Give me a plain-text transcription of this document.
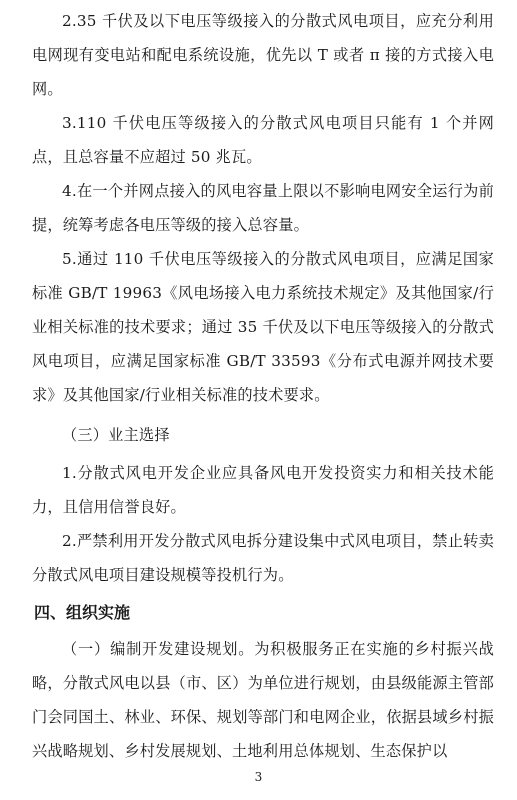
2.35 千伏及以下电压等级接入的分散式风电项目，应充分利用电网现有变电站和配电系统设施，优先以 T 或者 π 接的方式接入电网。
3.110 千伏电压等级接入的分散式风电项目只能有 1 个并网点，且总容量不应超过 50 兆瓦。
4.在一个并网点接入的风电容量上限以不影响电网安全运行为前提，统筹考虑各电压等级的接入总容量。
5.通过 110 千伏电压等级接入的分散式风电项目，应满足国家标准 GB/T 19963《风电场接入电力系统技术规定》及其他国家/行业相关标准的技术要求；通过 35 千伏及以下电压等级接入的分散式风电项目，应满足国家标准 GB/T 33593《分布式电源并网技术要求》及其他国家/行业相关标准的技术要求。
（三）业主选择
1.分散式风电开发企业应具备风电开发投资实力和相关技术能力，且信用信誉良好。
2.严禁利用开发分散式风电拆分建设集中式风电项目，禁止转卖分散式风电项目建设规模等投机行为。
四、组织实施
（一）编制开发建设规划。为积极服务正在实施的乡村振兴战略，分散式风电以县（市、区）为单位进行规划，由县级能源主管部门会同国土、林业、环保、规划等部门和电网企业，依据县域乡村振兴战略规划、乡村发展规划、土地利用总体规划、生态保护以
3
